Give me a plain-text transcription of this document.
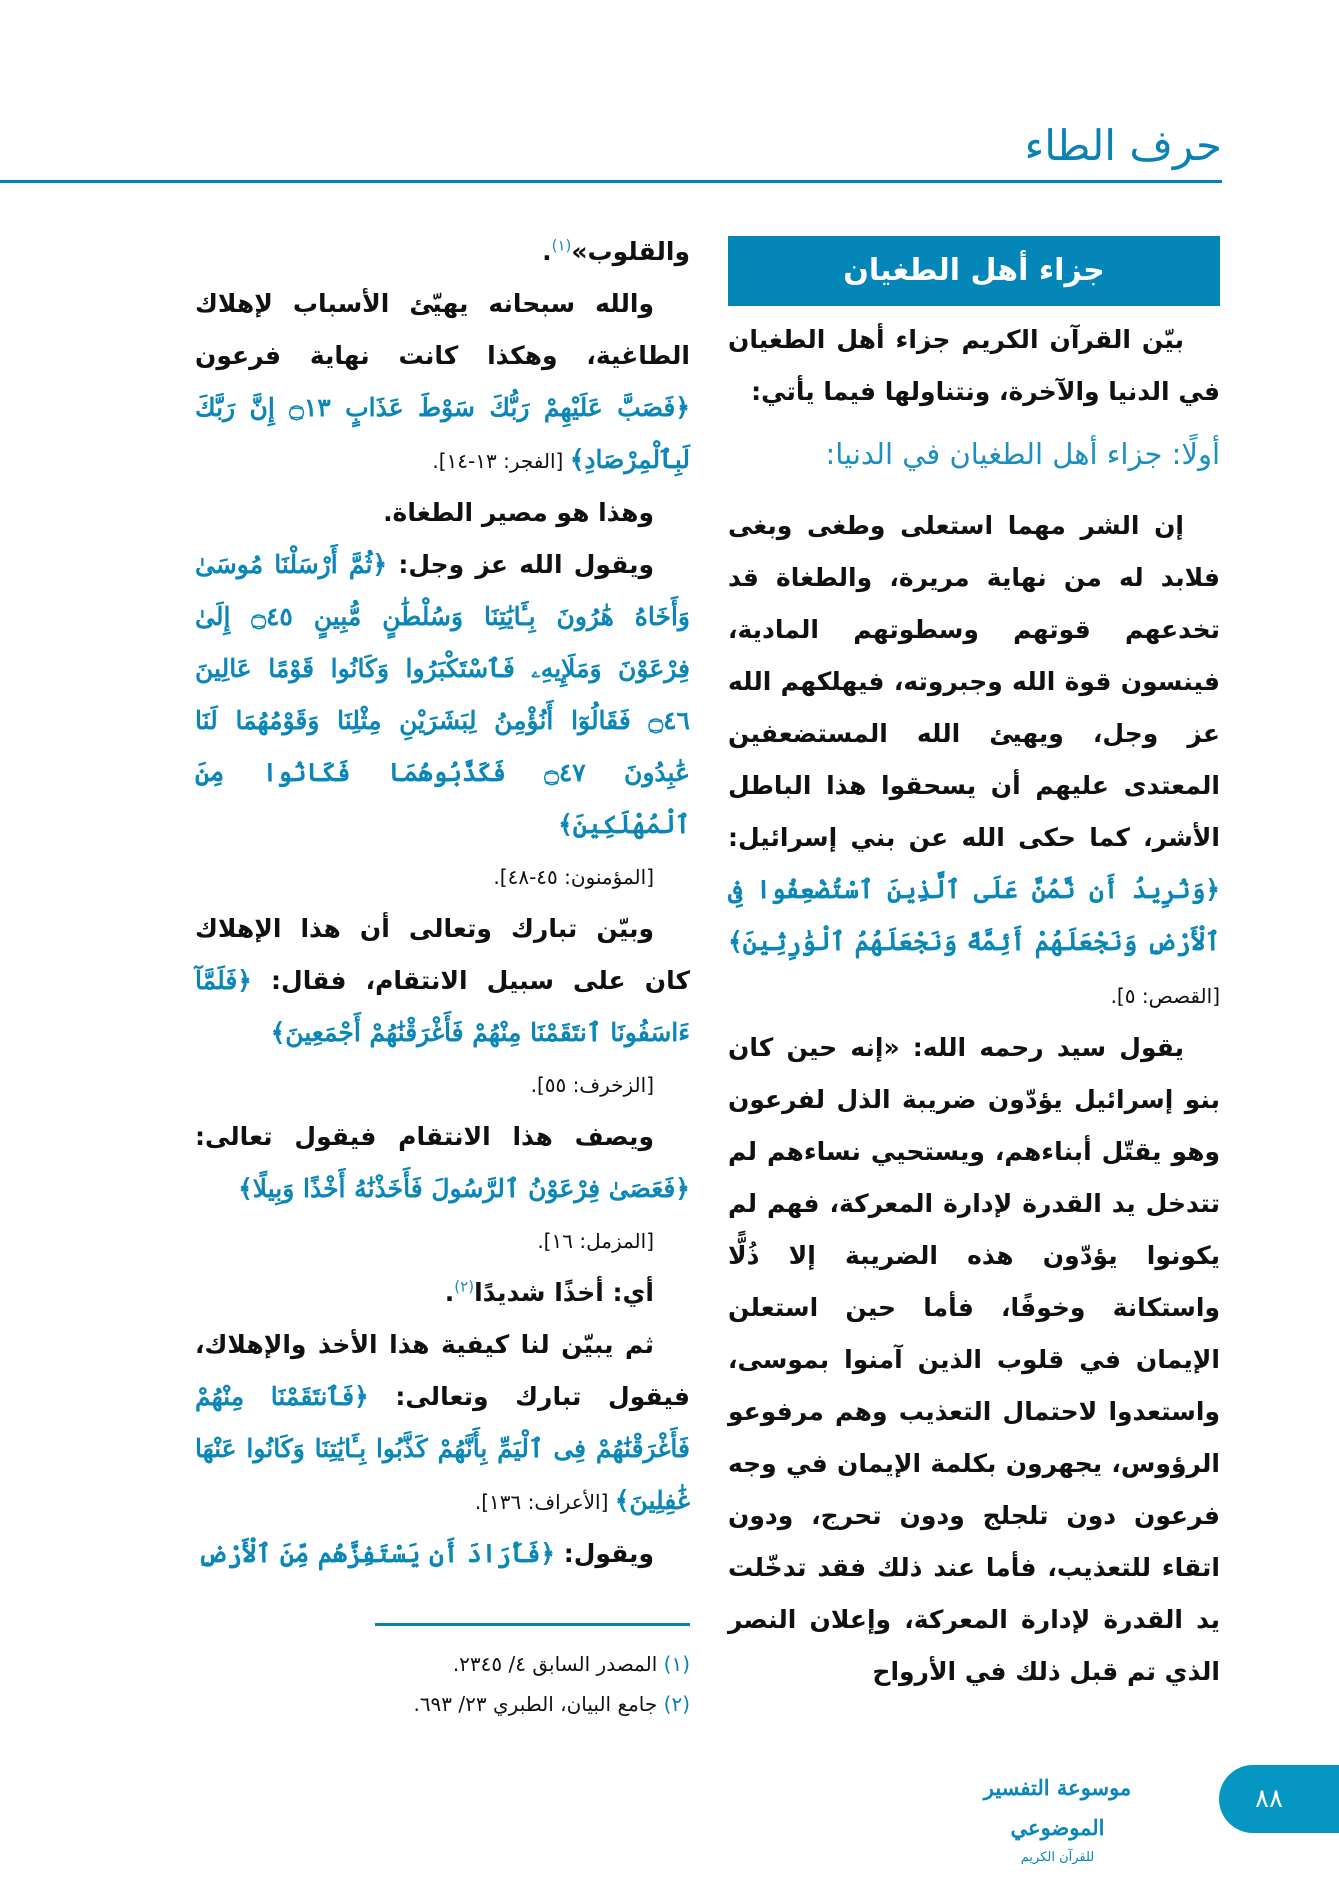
حرف الطاء

والقلوب»$^{(١)}$.

والله سبحانه يهيّئ الأسباب لإهلاك الطاغية، وهكذا كانت نهاية فرعون ﴿فَصَبَّ عَلَيْهِمْ رَبُّكَ سَوْطَ عَذَابٍ ۝١٣ إِنَّ رَبَّكَ لَبِٱلْمِرْصَادِ﴾ [الفجر: ١٣-١٤].

وهذا هو مصير الطغاة.

ويقول الله عز وجل: ﴿ثُمَّ أَرْسَلْنَا مُوسَىٰ وَأَخَاهُ هَٰرُونَ بِـَٔايَٰتِنَا وَسُلْطَٰنٍ مُّبِينٍ ۝٤٥ إِلَىٰ فِرْعَوْنَ وَمَلَإِيهِۦ فَٱسْتَكْبَرُوا وَكَانُوا قَوْمًا عَالِينَ ۝٤٦ فَقَالُوٓا أَنُؤْمِنُ لِبَشَرَيْنِ مِثْلِنَا وَقَوْمُهُمَا لَنَا عَٰبِدُونَ ۝٤٧ فَكَذَّبُوهُمَا فَكَانُوا مِنَ ٱلْمُهْلَكِينَ﴾
[المؤمنون: ٤٥-٤٨].

وبيّن تبارك وتعالى أن هذا الإهلاك كان على سبيل الانتقام، فقال: ﴿فَلَمَّآ ءَاسَفُونَا ٱنتَقَمْنَا مِنْهُمْ فَأَغْرَقْنَٰهُمْ أَجْمَعِينَ﴾
[الزخرف: ٥٥].

ويصف هذا الانتقام فيقول تعالى: ﴿فَعَصَىٰ فِرْعَوْنُ ٱلرَّسُولَ فَأَخَذْنَٰهُ أَخْذًا وَبِيلًا﴾
[المزمل: ١٦].

أي: أخذًا شديدًا$^{(٢)}$.

ثم يبيّن لنا كيفية هذا الأخذ والإهلاك، فيقول تبارك وتعالى: ﴿فَٱنتَقَمْنَا مِنْهُمْ فَأَغْرَقْنَٰهُمْ فِى ٱلْيَمِّ بِأَنَّهُمْ كَذَّبُوا بِـَٔايَٰتِنَا وَكَانُوا عَنْهَا غَٰفِلِينَ﴾ [الأعراف: ١٣٦].

ويقول: ﴿فَأَرَادَ أَن يَسْتَفِزَّهُم مِّنَ ٱلْأَرْضِ

(١) المصدر السابق ٤/ ٢٣٤٥.
(٢) جامع البيان، الطبري ٢٣/ ٦٩٣.
جزاء أهل الطغيان

بيّن القرآن الكريم جزاء أهل الطغيان في الدنيا والآخرة، ونتناولها فيما يأتي:

أولًا: جزاء أهل الطغيان في الدنيا:

إن الشر مهما استعلى وطغى وبغى فلابد له من نهاية مريرة، والطغاة قد تخدعهم قوتهم وسطوتهم المادية، فينسون قوة الله وجبروته، فيهلكهم الله عز وجل، ويهيئ الله المستضعفين المعتدى عليهم أن يسحقوا هذا الباطل الأشر، كما حكى الله عن بني إسرائيل: ﴿وَنُرِيدُ أَن نَّمُنَّ عَلَى ٱلَّذِينَ ٱسْتُضْعِفُوا فِى ٱلْأَرْضِ وَنَجْعَلَهُمْ أَئِمَّةً وَنَجْعَلَهُمُ ٱلْوَٰرِثِينَ﴾ [القصص: ٥].

يقول سيد رحمه الله: «إنه حين كان بنو إسرائيل يؤدّون ضريبة الذل لفرعون وهو يقتّل أبناءهم، ويستحيي نساءهم لم تتدخل يد القدرة لإدارة المعركة، فهم لم يكونوا يؤدّون هذه الضريبة إلا ذُلًّا واستكانة وخوفًا، فأما حين استعلن الإيمان في قلوب الذين آمنوا بموسى، واستعدوا لاحتمال التعذيب وهم مرفوعو الرؤوس، يجهرون بكلمة الإيمان في وجه فرعون دون تلجلج ودون تحرج، ودون اتقاء للتعذيب، فأما عند ذلك فقد تدخّلت يد القدرة لإدارة المعركة، وإعلان النصر الذي تم قبل ذلك في الأرواح

موسوعة التفسير الموضوعي
للقرآن الكريم
٨٨
